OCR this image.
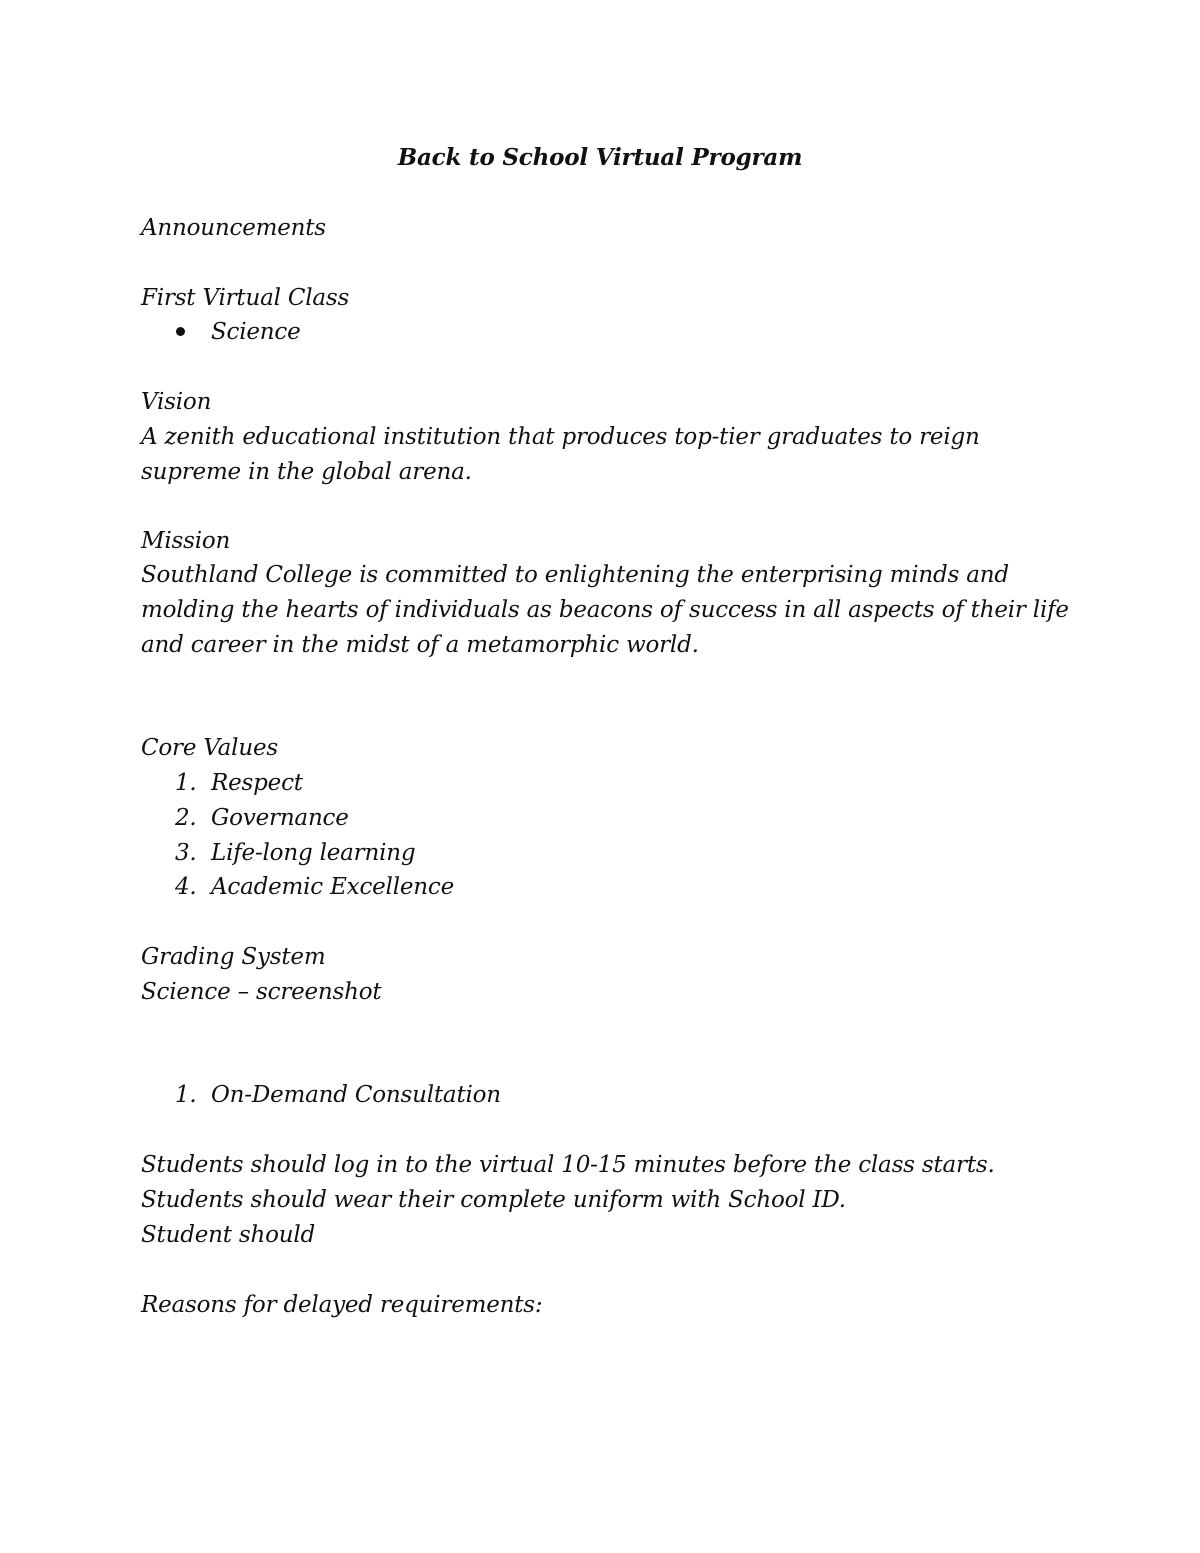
Back to School Virtual Program
Announcements
First Virtual Class
Science
Vision
A zenith educational institution that produces top-tier graduates to reign
supreme in the global arena.
Mission
Southland College is committed to enlightening the enterprising minds and
molding the hearts of individuals as beacons of success in all aspects of their life
and career in the midst of a metamorphic world.
Core Values
1. Respect
2. Governance
3. Life-long learning
4. Academic Excellence
Grading System
Science – screenshot
1. On-Demand Consultation
Students should log in to the virtual 10-15 minutes before the class starts.
Students should wear their complete uniform with School ID.
Student should
Reasons for delayed requirements:
